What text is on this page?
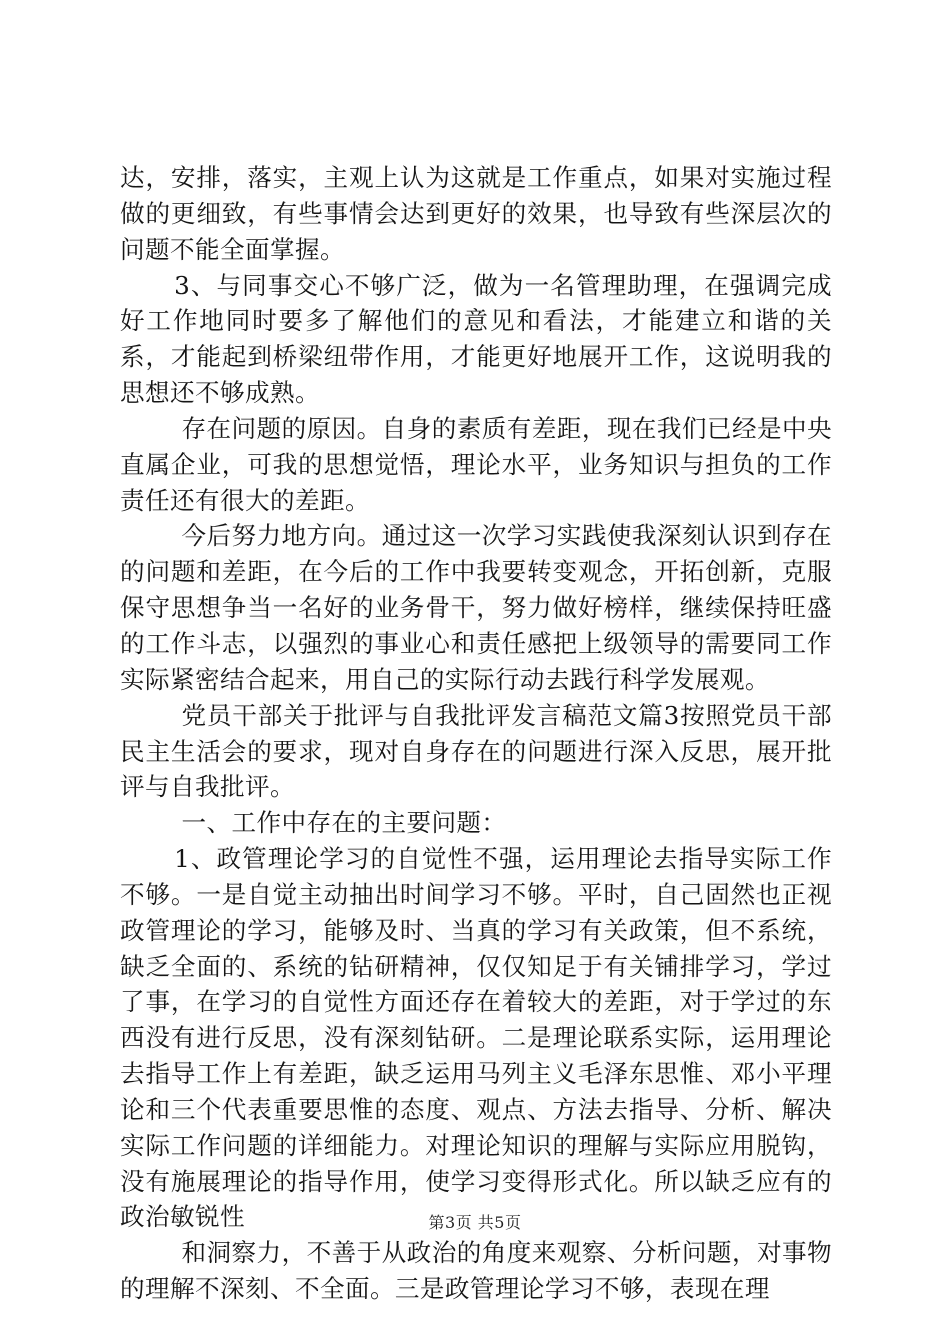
达，安排，落实，主观上认为这就是工作重点，如果对实施过程做的更细致，有些事情会达到更好的效果，也导致有些深层次的问题不能全面掌握。

3、与同事交心不够广泛，做为一名管理助理，在强调完成好工作地同时要多了解他们的意见和看法，才能建立和谐的关系，才能起到桥梁纽带作用，才能更好地展开工作，这说明我的思想还不够成熟。

存在问题的原因。自身的素质有差距，现在我们已经是中央直属企业，可我的思想觉悟，理论水平，业务知识与担负的工作责任还有很大的差距。

今后努力地方向。通过这一次学习实践使我深刻认识到存在的问题和差距，在今后的工作中我要转变观念，开拓创新，克服保守思想争当一名好的业务骨干，努力做好榜样，继续保持旺盛的工作斗志，以强烈的事业心和责任感把上级领导的需要同工作实际紧密结合起来，用自己的实际行动去践行科学发展观。

党员干部关于批评与自我批评发言稿范文篇3按照党员干部民主生活会的要求，现对自身存在的问题进行深入反思，展开批评与自我批评。

一、工作中存在的主要问题：

1、政管理论学习的自觉性不强，运用理论去指导实际工作不够。一是自觉主动抽出时间学习不够。平时，自己固然也正视政管理论的学习，能够及时、当真的学习有关政策，但不系统，缺乏全面的、系统的钻研精神，仅仅知足于有关铺排学习，学过了事，在学习的自觉性方面还存在着较大的差距，对于学过的东西没有进行反思，没有深刻钻研。二是理论联系实际，运用理论去指导工作上有差距，缺乏运用马列主义毛泽东思惟、邓小平理论和三个代表重要思惟的态度、观点、方法去指导、分析、解决实际工作问题的详细能力。对理论知识的理解与实际应用脱钩，没有施展理论的指导作用，使学习变得形式化。所以缺乏应有的政治敏锐性

和洞察力，不善于从政治的角度来观察、分析问题，对事物的理解不深刻、不全面。三是政管理论学习不够，表现在理

第3页 共5页
